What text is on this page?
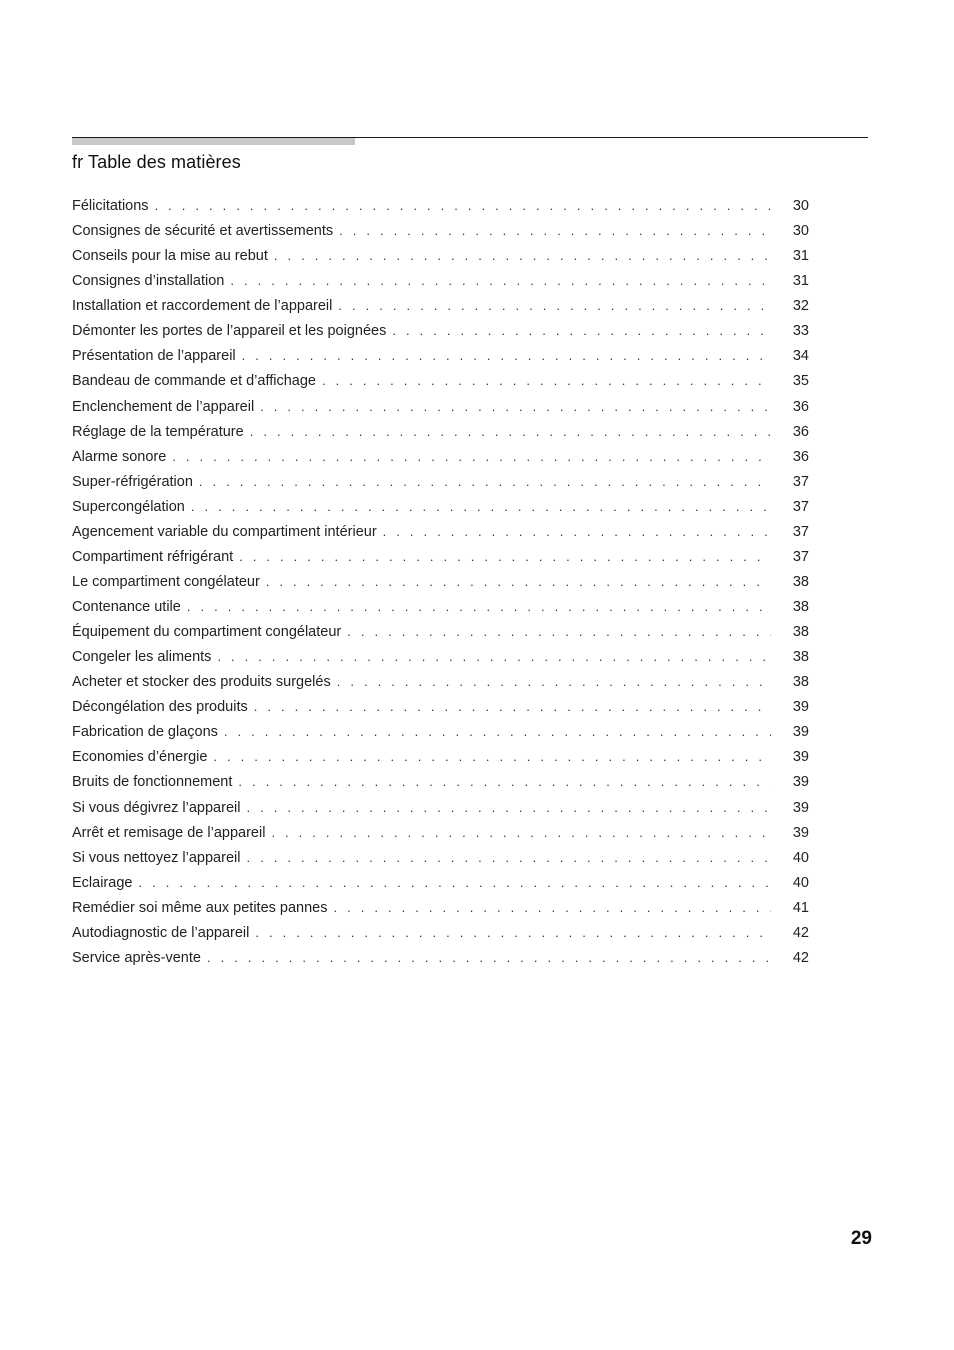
fr Table des matières
Félicitations . . .	30
Consignes de sécurité et avertissements . . .	30
Conseils pour la mise au rebut . . .	31
Consignes d’installation . . .	31
Installation et raccordement de l’appareil . . .	32
Démonter les portes de l’appareil et les poignées . . .	33
Présentation de l’appareil . . .	34
Bandeau de commande et d’affichage . . .	35
Enclenchement de l’appareil . . .	36
Réglage de la température . . .	36
Alarme sonore . . .	36
Super-réfrigération . . .	37
Supercongélation . . .	37
Agencement variable du compartiment intérieur . . .	37
Compartiment réfrigérant . . .	37
Le compartiment congélateur . . .	38
Contenance utile . . .	38
Équipement du compartiment congélateur . . .	38
Congeler les aliments . . .	38
Acheter et stocker des produits surgelés . . .	38
Décongélation des produits . . .	39
Fabrication de glaçons . . .	39
Economies d’énergie . . .	39
Bruits de fonctionnement . . .	39
Si vous dégivrez l’appareil . . .	39
Arrêt et remisage de l’appareil . . .	39
Si vous nettoyez l’appareil . . .	40
Eclairage . . .	40
Remédier soi même aux petites pannes . . .	41
Autodiagnostic de l’appareil . . .	42
Service après-vente . . .	42
29
